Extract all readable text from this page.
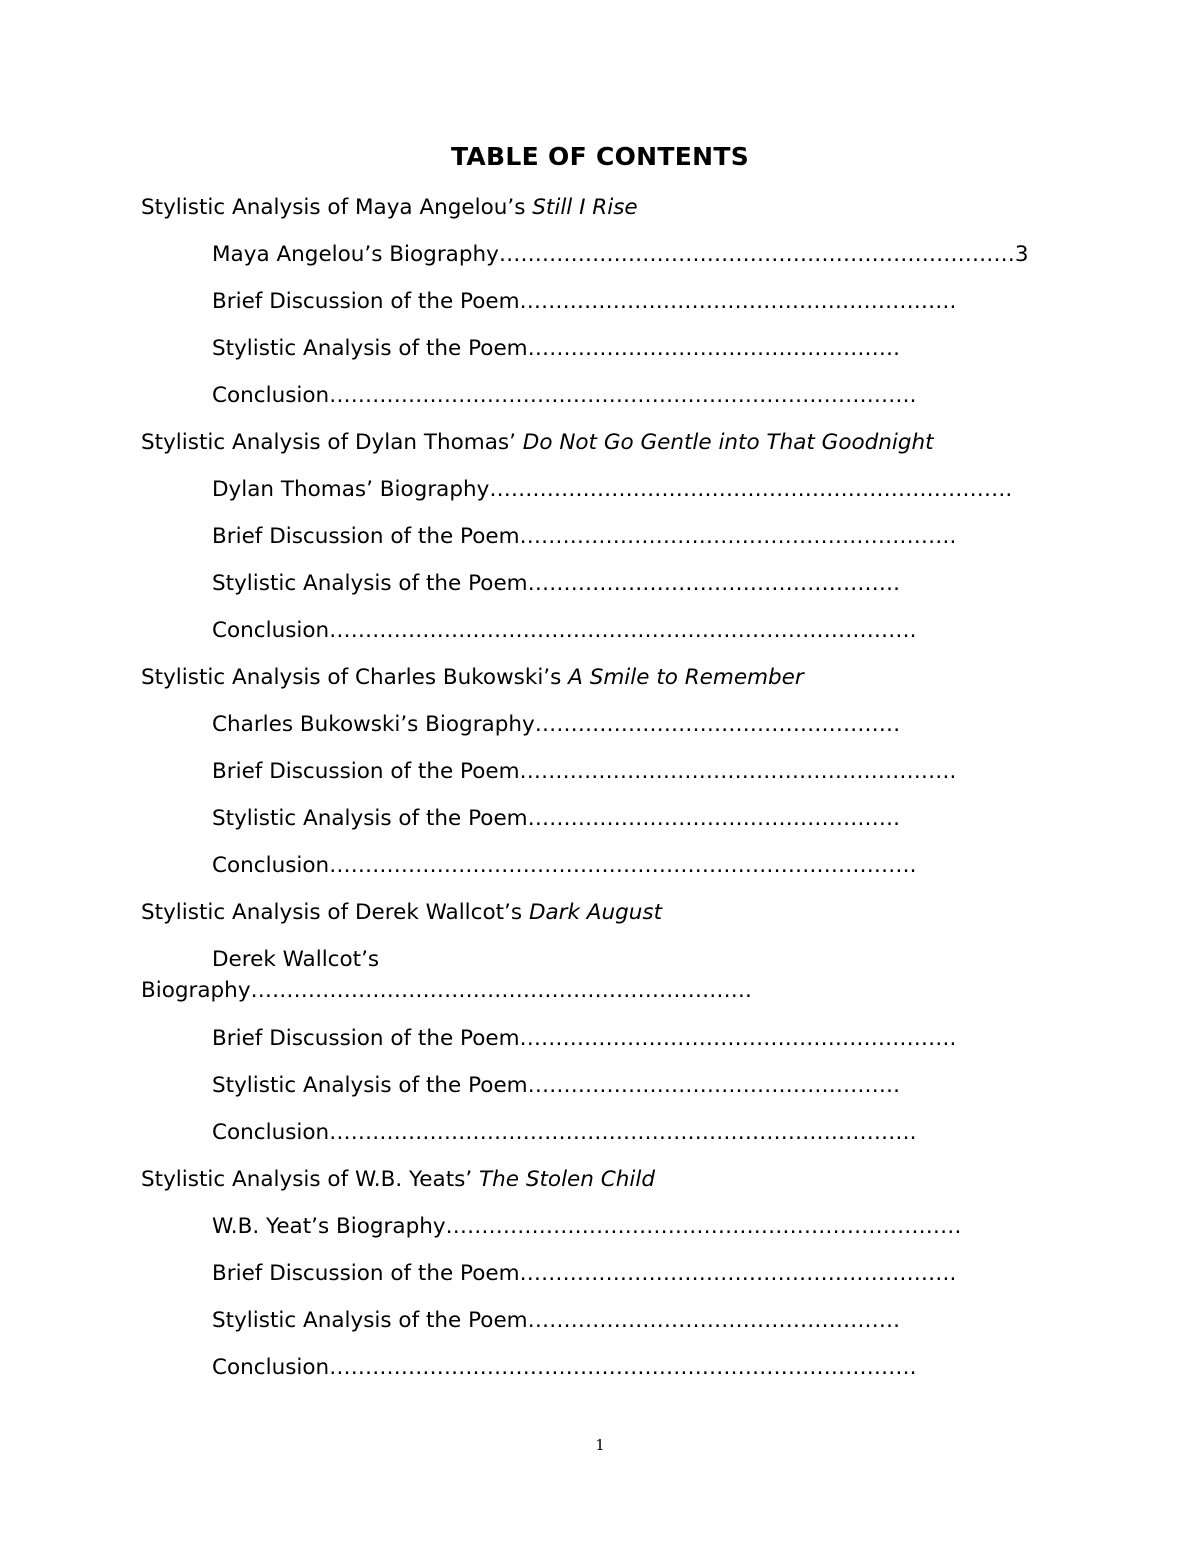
TABLE OF CONTENTS
Stylistic Analysis of Maya Angelou’s Still I Rise
Maya Angelou’s Biography………………………………………………………………3
Brief Discussion of the Poem…………………………………………………….
Stylistic Analysis of the Poem…………………………………………….
Conclusion……………………………………………………………………….
Stylistic Analysis of Dylan Thomas’ Do Not Go Gentle into That Goodnight
Dylan Thomas’ Biography……………………………………………………………….
Brief Discussion of the Poem…………………………………………………….
Stylistic Analysis of the Poem…………………………………………….
Conclusion……………………………………………………………………….
Stylistic Analysis of Charles Bukowski’s A Smile to Remember
Charles Bukowski’s Biography……………………………………………
Brief Discussion of the Poem…………………………………………………….
Stylistic Analysis of the Poem…………………………………………….
Conclusion……………………………………………………………………….
Stylistic Analysis of Derek Wallcot’s Dark August
Derek Wallcot’s
Biography…………………………………………………………….
Brief Discussion of the Poem…………………………………………………….
Stylistic Analysis of the Poem…………………………………………….
Conclusion……………………………………………………………………….
Stylistic Analysis of W.B. Yeats’ The Stolen Child
W.B. Yeat’s Biography………………………………………………………………
Brief Discussion of the Poem…………………………………………………….
Stylistic Analysis of the Poem…………………………………………….
Conclusion……………………………………………………………………….
1
